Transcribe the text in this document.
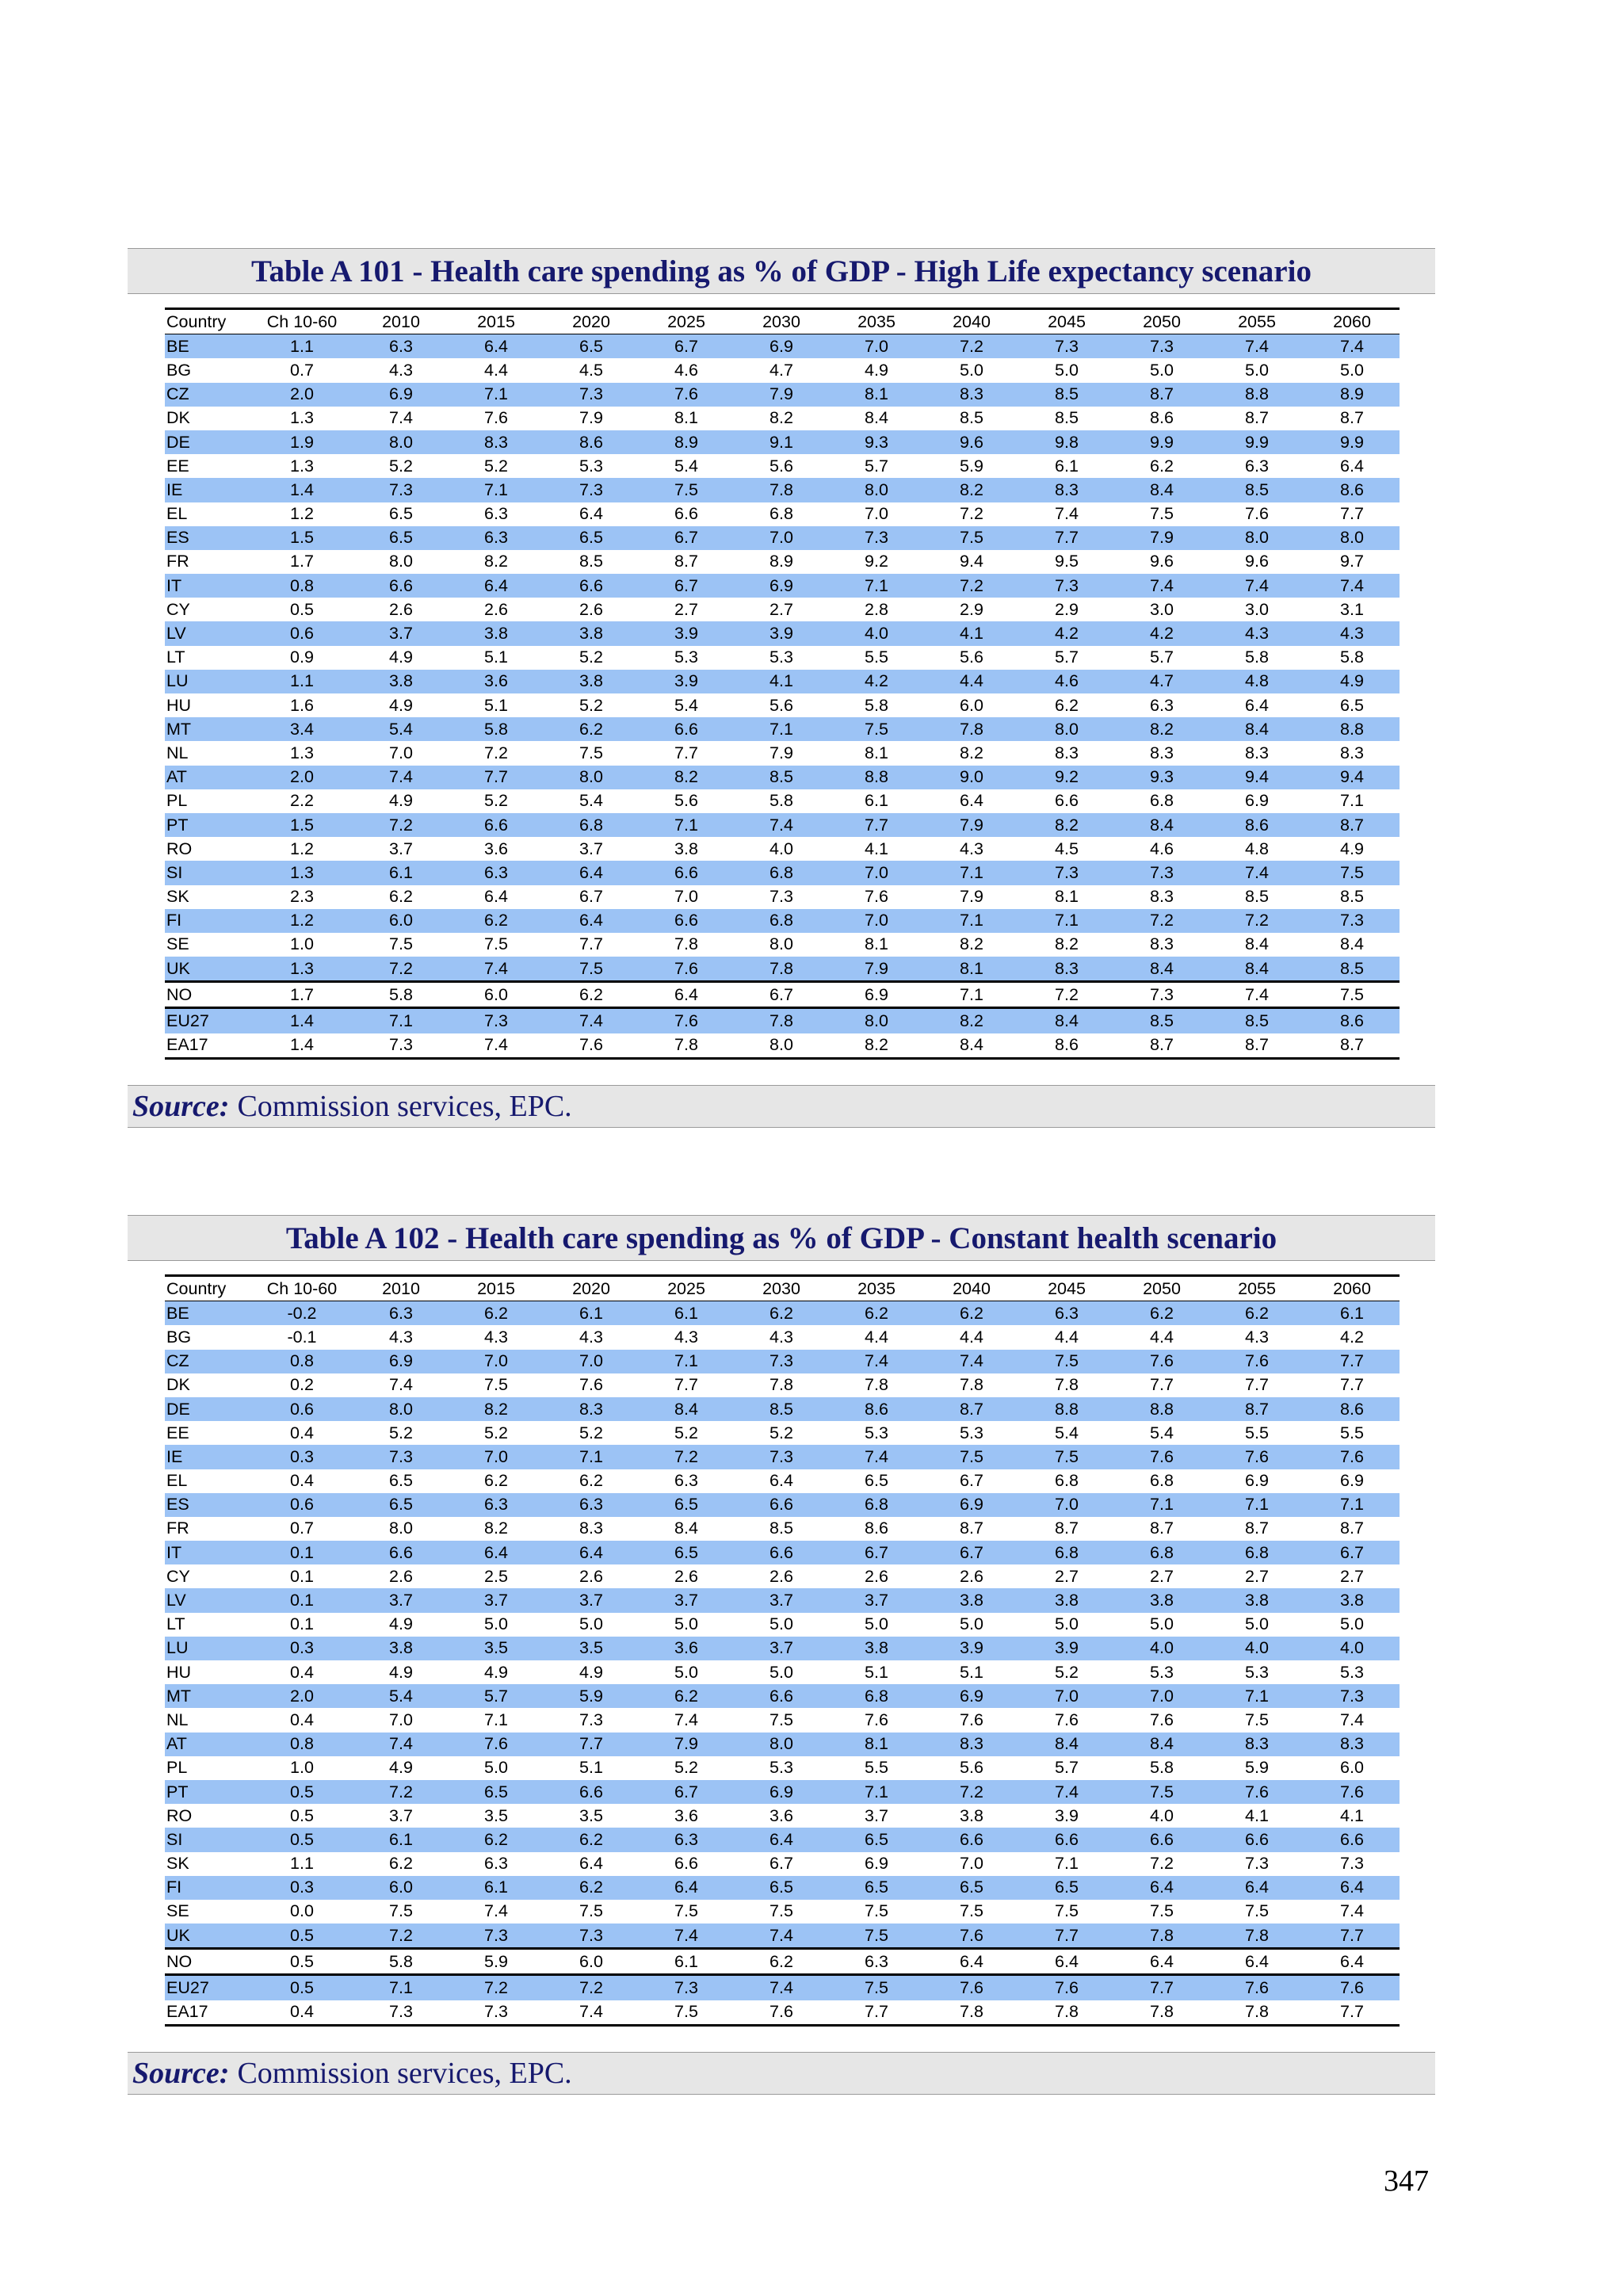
Table A 101 - Health care spending as % of GDP - High Life expectancy scenario
Country	Ch 10-60	2010	2015	2020	2025	2030	2035	2040	2045	2050	2055	2060
BE	1.1	6.3	6.4	6.5	6.7	6.9	7.0	7.2	7.3	7.3	7.4	7.4
BG	0.7	4.3	4.4	4.5	4.6	4.7	4.9	5.0	5.0	5.0	5.0	5.0
CZ	2.0	6.9	7.1	7.3	7.6	7.9	8.1	8.3	8.5	8.7	8.8	8.9
DK	1.3	7.4	7.6	7.9	8.1	8.2	8.4	8.5	8.5	8.6	8.7	8.7
DE	1.9	8.0	8.3	8.6	8.9	9.1	9.3	9.6	9.8	9.9	9.9	9.9
EE	1.3	5.2	5.2	5.3	5.4	5.6	5.7	5.9	6.1	6.2	6.3	6.4
IE	1.4	7.3	7.1	7.3	7.5	7.8	8.0	8.2	8.3	8.4	8.5	8.6
EL	1.2	6.5	6.3	6.4	6.6	6.8	7.0	7.2	7.4	7.5	7.6	7.7
ES	1.5	6.5	6.3	6.5	6.7	7.0	7.3	7.5	7.7	7.9	8.0	8.0
FR	1.7	8.0	8.2	8.5	8.7	8.9	9.2	9.4	9.5	9.6	9.6	9.7
IT	0.8	6.6	6.4	6.6	6.7	6.9	7.1	7.2	7.3	7.4	7.4	7.4
CY	0.5	2.6	2.6	2.6	2.7	2.7	2.8	2.9	2.9	3.0	3.0	3.1
LV	0.6	3.7	3.8	3.8	3.9	3.9	4.0	4.1	4.2	4.2	4.3	4.3
LT	0.9	4.9	5.1	5.2	5.3	5.3	5.5	5.6	5.7	5.7	5.8	5.8
LU	1.1	3.8	3.6	3.8	3.9	4.1	4.2	4.4	4.6	4.7	4.8	4.9
HU	1.6	4.9	5.1	5.2	5.4	5.6	5.8	6.0	6.2	6.3	6.4	6.5
MT	3.4	5.4	5.8	6.2	6.6	7.1	7.5	7.8	8.0	8.2	8.4	8.8
NL	1.3	7.0	7.2	7.5	7.7	7.9	8.1	8.2	8.3	8.3	8.3	8.3
AT	2.0	7.4	7.7	8.0	8.2	8.5	8.8	9.0	9.2	9.3	9.4	9.4
PL	2.2	4.9	5.2	5.4	5.6	5.8	6.1	6.4	6.6	6.8	6.9	7.1
PT	1.5	7.2	6.6	6.8	7.1	7.4	7.7	7.9	8.2	8.4	8.6	8.7
RO	1.2	3.7	3.6	3.7	3.8	4.0	4.1	4.3	4.5	4.6	4.8	4.9
SI	1.3	6.1	6.3	6.4	6.6	6.8	7.0	7.1	7.3	7.3	7.4	7.5
SK	2.3	6.2	6.4	6.7	7.0	7.3	7.6	7.9	8.1	8.3	8.5	8.5
FI	1.2	6.0	6.2	6.4	6.6	6.8	7.0	7.1	7.1	7.2	7.2	7.3
SE	1.0	7.5	7.5	7.7	7.8	8.0	8.1	8.2	8.2	8.3	8.4	8.4
UK	1.3	7.2	7.4	7.5	7.6	7.8	7.9	8.1	8.3	8.4	8.4	8.5
NO	1.7	5.8	6.0	6.2	6.4	6.7	6.9	7.1	7.2	7.3	7.4	7.5
EU27	1.4	7.1	7.3	7.4	7.6	7.8	8.0	8.2	8.4	8.5	8.5	8.6
EA17	1.4	7.3	7.4	7.6	7.8	8.0	8.2	8.4	8.6	8.7	8.7	8.7
Source: Commission services, EPC.
Table A 102 - Health care spending as % of GDP - Constant health scenario
Country	Ch 10-60	2010	2015	2020	2025	2030	2035	2040	2045	2050	2055	2060
BE	-0.2	6.3	6.2	6.1	6.1	6.2	6.2	6.2	6.3	6.2	6.2	6.1
BG	-0.1	4.3	4.3	4.3	4.3	4.3	4.4	4.4	4.4	4.4	4.3	4.2
CZ	0.8	6.9	7.0	7.0	7.1	7.3	7.4	7.4	7.5	7.6	7.6	7.7
DK	0.2	7.4	7.5	7.6	7.7	7.8	7.8	7.8	7.8	7.7	7.7	7.7
DE	0.6	8.0	8.2	8.3	8.4	8.5	8.6	8.7	8.8	8.8	8.7	8.6
EE	0.4	5.2	5.2	5.2	5.2	5.2	5.3	5.3	5.4	5.4	5.5	5.5
IE	0.3	7.3	7.0	7.1	7.2	7.3	7.4	7.5	7.5	7.6	7.6	7.6
EL	0.4	6.5	6.2	6.2	6.3	6.4	6.5	6.7	6.8	6.8	6.9	6.9
ES	0.6	6.5	6.3	6.3	6.5	6.6	6.8	6.9	7.0	7.1	7.1	7.1
FR	0.7	8.0	8.2	8.3	8.4	8.5	8.6	8.7	8.7	8.7	8.7	8.7
IT	0.1	6.6	6.4	6.4	6.5	6.6	6.7	6.7	6.8	6.8	6.8	6.7
CY	0.1	2.6	2.5	2.6	2.6	2.6	2.6	2.6	2.7	2.7	2.7	2.7
LV	0.1	3.7	3.7	3.7	3.7	3.7	3.7	3.8	3.8	3.8	3.8	3.8
LT	0.1	4.9	5.0	5.0	5.0	5.0	5.0	5.0	5.0	5.0	5.0	5.0
LU	0.3	3.8	3.5	3.5	3.6	3.7	3.8	3.9	3.9	4.0	4.0	4.0
HU	0.4	4.9	4.9	4.9	5.0	5.0	5.1	5.1	5.2	5.3	5.3	5.3
MT	2.0	5.4	5.7	5.9	6.2	6.6	6.8	6.9	7.0	7.0	7.1	7.3
NL	0.4	7.0	7.1	7.3	7.4	7.5	7.6	7.6	7.6	7.6	7.5	7.4
AT	0.8	7.4	7.6	7.7	7.9	8.0	8.1	8.3	8.4	8.4	8.3	8.3
PL	1.0	4.9	5.0	5.1	5.2	5.3	5.5	5.6	5.7	5.8	5.9	6.0
PT	0.5	7.2	6.5	6.6	6.7	6.9	7.1	7.2	7.4	7.5	7.6	7.6
RO	0.5	3.7	3.5	3.5	3.6	3.6	3.7	3.8	3.9	4.0	4.1	4.1
SI	0.5	6.1	6.2	6.2	6.3	6.4	6.5	6.6	6.6	6.6	6.6	6.6
SK	1.1	6.2	6.3	6.4	6.6	6.7	6.9	7.0	7.1	7.2	7.3	7.3
FI	0.3	6.0	6.1	6.2	6.4	6.5	6.5	6.5	6.5	6.4	6.4	6.4
SE	0.0	7.5	7.4	7.5	7.5	7.5	7.5	7.5	7.5	7.5	7.5	7.4
UK	0.5	7.2	7.3	7.3	7.4	7.4	7.5	7.6	7.7	7.8	7.8	7.7
NO	0.5	5.8	5.9	6.0	6.1	6.2	6.3	6.4	6.4	6.4	6.4	6.4
EU27	0.5	7.1	7.2	7.2	7.3	7.4	7.5	7.6	7.6	7.7	7.6	7.6
EA17	0.4	7.3	7.3	7.4	7.5	7.6	7.7	7.8	7.8	7.8	7.8	7.7
Source: Commission services, EPC.
347
